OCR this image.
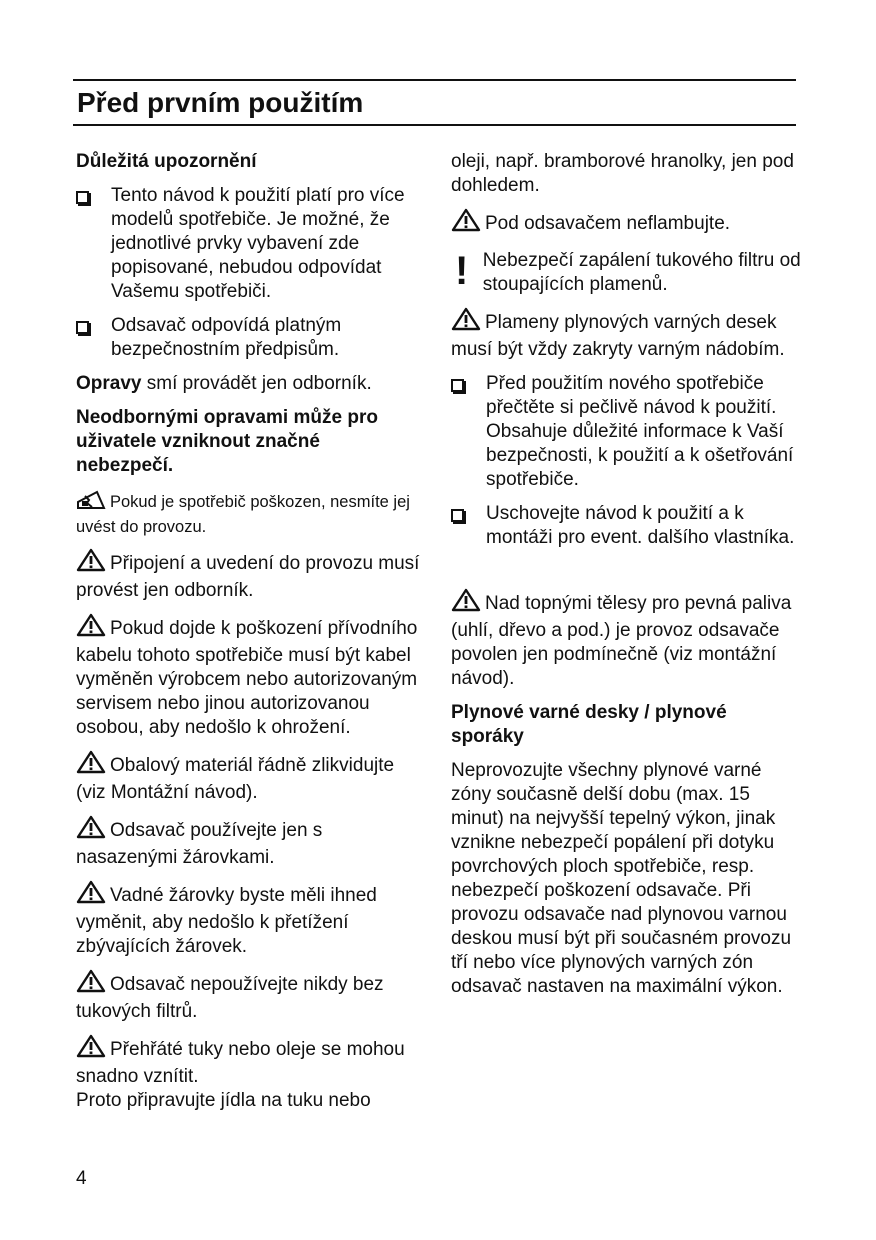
Před prvním použitím

Důležitá upozornění

Tento návod k použití platí pro více modelů spotřebiče. Je možné, že jednotlivé prvky vybavení zde popisované, nebudou odpovídat Vašemu spotřebiči.
Odsavač odpovídá platným bezpečnostním předpisům.

Opravy smí provádět jen odborník.

Neodbornými opravami může pro uživatele vzniknout značné nebezpečí.

Pokud je spotřebič poškozen, nesmíte jej uvést do provozu.

Připojení a uvedení do provozu musí provést jen odborník.

Pokud dojde k poškození přívodního kabelu tohoto spotřebiče musí být kabel vyměněn výrobcem nebo autorizovaným servisem nebo jinou autorizovanou osobou, aby nedošlo k ohrožení.

Obalový materiál řádně zlikvidujte (viz Montážní návod).

Odsavač používejte jen s nasazenými žárovkami.

Vadné žárovky byste měli ihned vyměnit, aby nedošlo k přetížení zbývajících žárovek.

Odsavač nepoužívejte nikdy bez tukových filtrů.

Přehřáté tuky nebo oleje se mohou snadno vznítit.

Proto připravujte jídla na tuku nebo

oleji, např. bramborové hranolky, jen pod dohledem.

Pod odsavačem neflambujte.

! Nebezpečí zapálení tukového filtru od stoupajících plamenů.

Plameny plynových varných desek musí být vždy zakryty varným nádobím.

Před použitím nového spotřebiče přečtěte si pečlivě návod k použití. Obsahuje důležité informace k Vaší bezpečnosti, k použití a k ošetřování spotřebiče.
Uschovejte návod k použití a k montáži pro event. dalšího vlastníka.

Nad topnými tělesy pro pevná paliva (uhlí, dřevo a pod.) je provoz odsavače povolen jen podmínečně (viz montážní návod).

Plynové varné desky / plynové sporáky

Neprovozujte všechny plynové varné zóny současně delší dobu (max. 15 minut) na nejvyšší tepelný výkon, jinak vznikne nebezpečí popálení při dotyku povrchových ploch spotřebiče, resp. nebezpečí poškození odsavače. Při provozu odsavače nad plynovou varnou deskou musí být při současném provozu tří nebo více plynových varných zón odsavač nastaven na maximální výkon.

4
